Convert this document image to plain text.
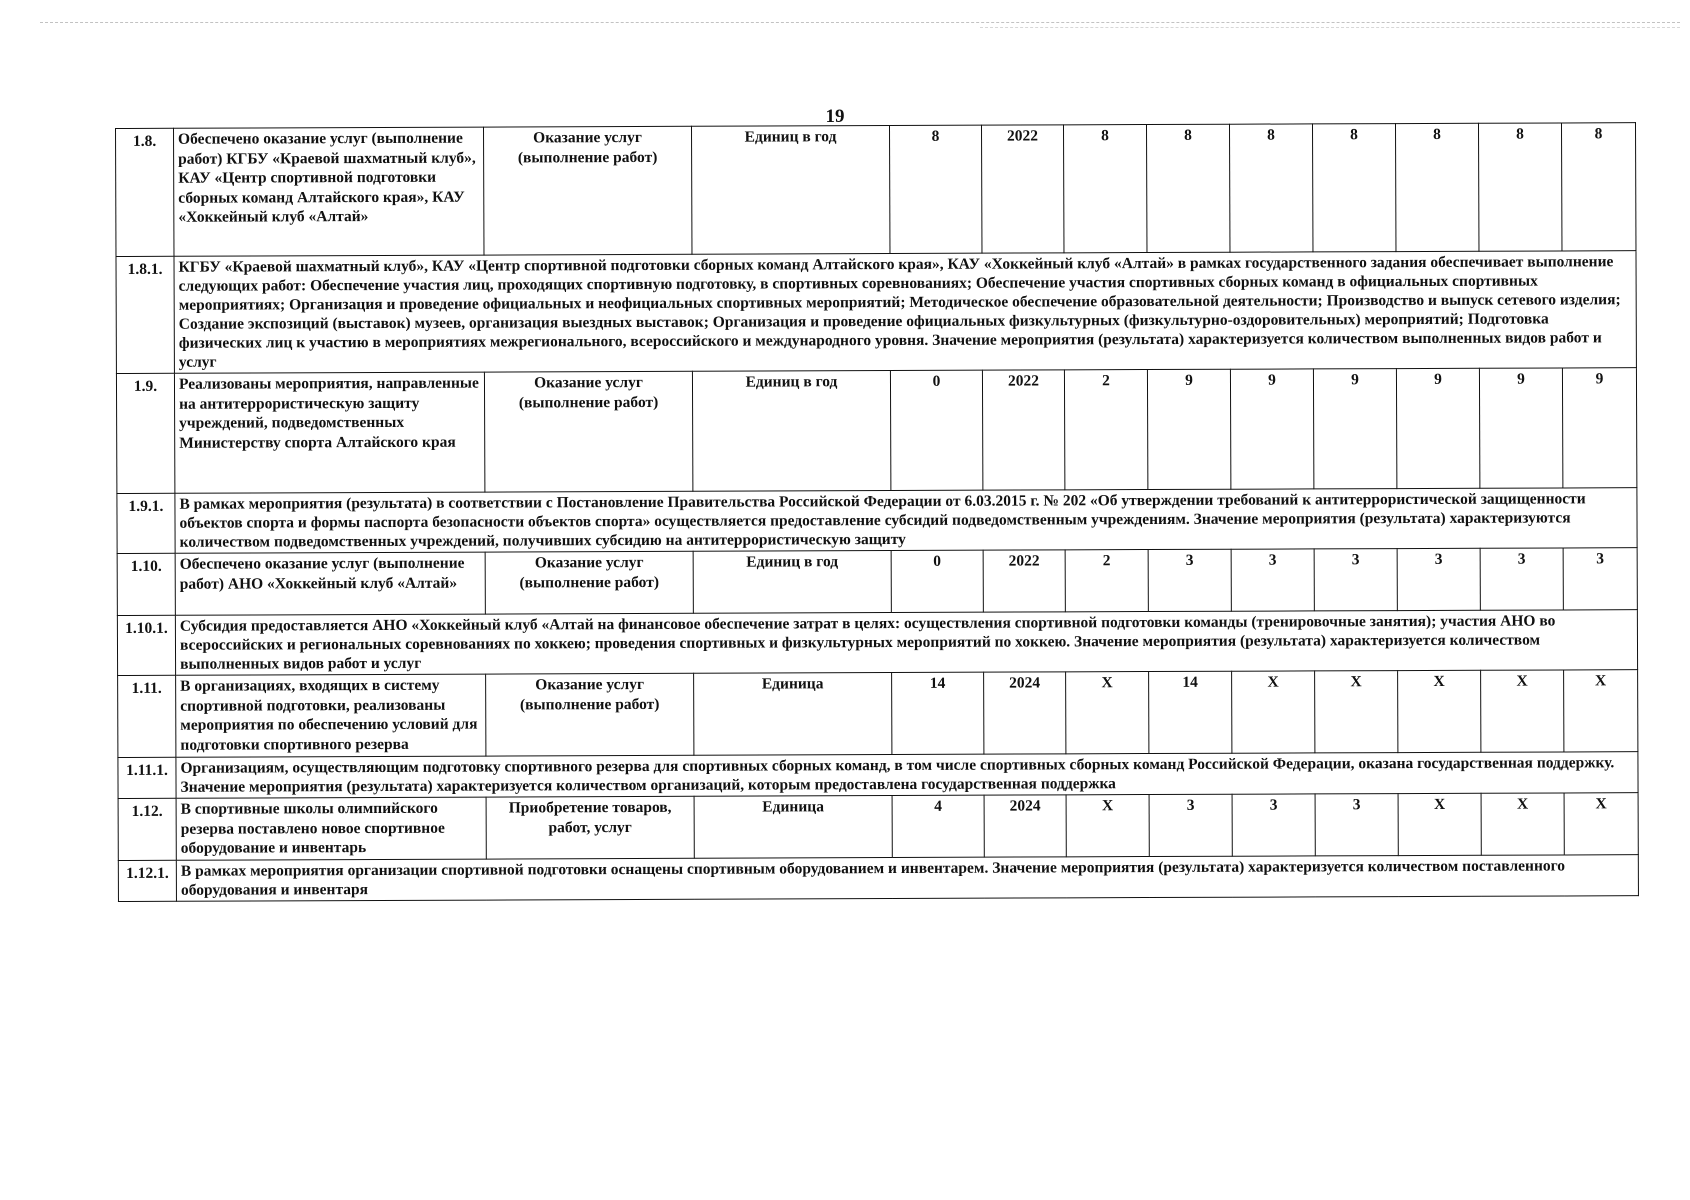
19
1.8.	Обеспечено оказание услуг (выполнение работ) КГБУ «Краевой шахматный клуб», КАУ «Центр спортивной подготовки сборных команд Алтайского края», КАУ «Хоккейный клуб «Алтай»	Оказание услуг (выполнение работ)	Единиц в год	8	2022	8	8	8	8	8	8	8
1.8.1.	КГБУ «Краевой шахматный клуб», КАУ «Центр спортивной подготовки сборных команд Алтайского края», КАУ «Хоккейный клуб «Алтай» в рамках государственного задания обеспечивает выполнение следующих работ: Обеспечение участия лиц, проходящих спортивную подготовку, в спортивных соревнованиях; Обеспечение участия спортивных сборных команд в официальных спортивных мероприятиях; Организация и проведение официальных и неофициальных спортивных мероприятий; Методическое обеспечение образовательной деятельности; Производство и выпуск сетевого изделия; Создание экспозиций (выставок) музеев, организация выездных выставок; Организация и проведение официальных физкультурных (физкультурно-оздоровительных) мероприятий; Подготовка физических лиц к участию в мероприятиях межрегионального, всероссийского и международного уровня. Значение мероприятия (результата) характеризуется количеством выполненных видов работ и услуг											
1.9.	Реализованы мероприятия, направленные на антитеррористическую защиту учреждений, подведомственных Министерству спорта Алтайского края	Оказание услуг (выполнение работ)	Единиц в год	0	2022	2	9	9	9	9	9	9
1.9.1.	В рамках мероприятия (результата) в соответствии с Постановление Правительства Российской Федерации от 6.03.2015 г. № 202 «Об утверждении требований к антитеррористической защищенности объектов спорта и формы паспорта безопасности объектов спорта» осуществляется предоставление субсидий подведомственным учреждениям. Значение мероприятия (результата) характеризуются количеством подведомственных учреждений, получивших субсидию на антитеррористическую защиту											
1.10.	Обеспечено оказание услуг (выполнение работ) АНО «Хоккейный клуб «Алтай»	Оказание услуг (выполнение работ)	Единиц в год	0	2022	2	3	3	3	3	3	3
1.10.1.	Субсидия предоставляется АНО «Хоккейный клуб «Алтай на финансовое обеспечение затрат в целях: осуществления спортивной подготовки команды (тренировочные занятия); участия АНО во всероссийских и региональных соревнованиях по хоккею; проведения спортивных и физкультурных мероприятий по хоккею. Значение мероприятия (результата) характеризуется количеством выполненных видов работ и услуг											
1.11.	В организациях, входящих в систему спортивной подготовки, реализованы мероприятия по обеспечению условий для подготовки спортивного резерва	Оказание услуг (выполнение работ)	Единица	14	2024	X	14	X	X	X	X	X
1.11.1.	Организациям, осуществляющим подготовку спортивного резерва для спортивных сборных команд, в том числе спортивных сборных команд Российской Федерации, оказана государственная поддержку. Значение мероприятия (результата) характеризуется количеством организаций, которым предоставлена государственная поддержка											
1.12.	В спортивные школы олимпийского резерва поставлено новое спортивное оборудование и инвентарь	Приобретение товаров, работ, услуг	Единица	4	2024	X	3	3	3	X	X	X
1.12.1.	В рамках мероприятия организации спортивной подготовки оснащены спортивным оборудованием и инвентарем. Значение мероприятия (результата) характеризуется количеством поставленного оборудования и инвентаря											
